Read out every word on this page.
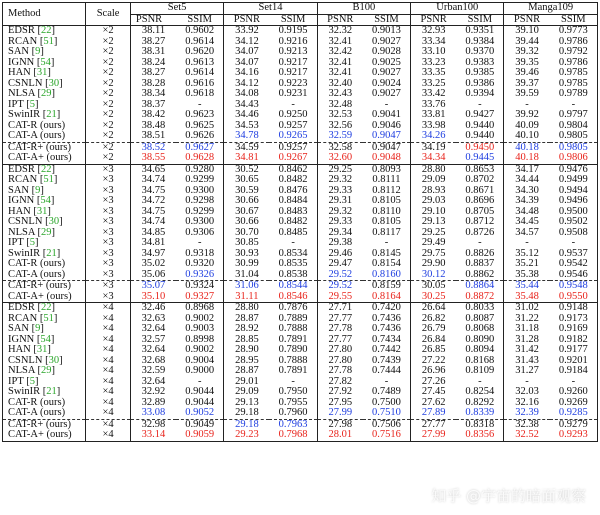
Method	Scale	Set5		Set14		B100		Urban100		Manga109	
		PSNR	SSIM	PSNR	SSIM	PSNR	SSIM	PSNR	SSIM	PSNR	SSIM
EDSR [22]	×2	38.11	0.9602	33.92	0.9195	32.32	0.9013	32.93	0.9351	39.10	0.9773
RCAN [51]	×2	38.27	0.9614	34.12	0.9216	32.41	0.9027	33.34	0.9384	39.44	0.9786
SAN [9]	×2	38.31	0.9620	34.07	0.9213	32.42	0.9028	33.10	0.9370	39.32	0.9792
IGNN [54]	×2	38.24	0.9613	34.07	0.9217	32.41	0.9025	33.23	0.9383	39.35	0.9786
HAN [31]	×2	38.27	0.9614	34.16	0.9217	32.41	0.9027	33.35	0.9385	39.46	0.9785
CSNLN [30]	×2	38.28	0.9616	34.12	0.9223	32.40	0.9024	33.25	0.9386	39.37	0.9785
NLSA [29]	×2	38.34	0.9618	34.08	0.9231	32.43	0.9027	33.42	0.9394	39.59	0.9789
IPT [5]	×2	38.37	-	34.43	-	32.48	-	33.76	-	-	-
SwinIR [21]	×2	38.42	0.9623	34.46	0.9250	32.53	0.9041	33.81	0.9427	39.92	0.9797
CAT-R (ours)	×2	38.48	0.9625	34.53	0.9257	32.56	0.9046	33.98	0.9440	40.09	0.9804
CAT-A (ours)	×2	38.51	0.9626	34.78	0.9265	32.59	0.9047	34.26	0.9440	40.10	0.9805
CAT-R+ (ours)	×2	38.52	0.9627	34.59	0.9257	32.58	0.9047	34.19	0.9450	40.18	0.9805
CAT-A+ (ours)	×2	38.55	0.9628	34.81	0.9267	32.60	0.9048	34.34	0.9445	40.18	0.9806
EDSR [22]	×3	34.65	0.9280	30.52	0.8462	29.25	0.8093	28.80	0.8653	34.17	0.9476
RCAN [51]	×3	34.74	0.9299	30.65	0.8482	29.32	0.8111	29.09	0.8702	34.44	0.9499
SAN [9]	×3	34.75	0.9300	30.59	0.8476	29.33	0.8112	28.93	0.8671	34.30	0.9494
IGNN [54]	×3	34.72	0.9298	30.66	0.8484	29.31	0.8105	29.03	0.8696	34.39	0.9496
HAN [31]	×3	34.75	0.9299	30.67	0.8483	29.32	0.8110	29.10	0.8705	34.48	0.9500
CSNLN [30]	×3	34.74	0.9300	30.66	0.8482	29.33	0.8105	29.13	0.8712	34.45	0.9502
NLSA [29]	×3	34.85	0.9306	30.70	0.8485	29.34	0.8117	29.25	0.8726	34.57	0.9508
IPT [5]	×3	34.81	-	30.85	-	29.38	-	29.49	-	-	-
SwinIR [21]	×3	34.97	0.9318	30.93	0.8534	29.46	0.8145	29.75	0.8826	35.12	0.9537
CAT-R (ours)	×3	35.02	0.9320	30.99	0.8535	29.47	0.8154	29.90	0.8837	35.21	0.9542
CAT-A (ours)	×3	35.06	0.9326	31.04	0.8538	29.52	0.8160	30.12	0.8862	35.38	0.9546
CAT-R+ (ours)	×3	35.07	0.9324	31.06	0.8544	29.52	0.8159	30.05	0.8864	35.44	0.9548
CAT-A+ (ours)	×3	35.10	0.9327	31.11	0.8546	29.55	0.8164	30.25	0.8872	35.48	0.9550
EDSR [22]	×4	32.46	0.8968	28.80	0.7876	27.71	0.7420	26.64	0.8033	31.02	0.9148
RCAN [51]	×4	32.63	0.9002	28.87	0.7889	27.77	0.7436	26.82	0.8087	31.22	0.9173
SAN [9]	×4	32.64	0.9003	28.92	0.7888	27.78	0.7436	26.79	0.8068	31.18	0.9169
IGNN [54]	×4	32.57	0.8998	28.85	0.7891	27.77	0.7434	26.84	0.8090	31.28	0.9182
HAN [31]	×4	32.64	0.9002	28.90	0.7890	27.80	0.7442	26.85	0.8094	31.42	0.9177
CSNLN [30]	×4	32.68	0.9004	28.95	0.7888	27.80	0.7439	27.22	0.8168	31.43	0.9201
NLSA [29]	×4	32.59	0.9000	28.87	0.7891	27.78	0.7444	26.96	0.8109	31.27	0.9184
IPT [5]	×4	32.64	-	29.01	-	27.82	-	27.26	-	-	-
SwinIR [21]	×4	32.92	0.9044	29.09	0.7950	27.92	0.7489	27.45	0.8254	32.03	0.9260
CAT-R (ours)	×4	32.89	0.9044	29.13	0.7955	27.95	0.7500	27.62	0.8292	32.16	0.9269
CAT-A (ours)	×4	33.08	0.9052	29.18	0.7960	27.99	0.7510	27.89	0.8339	32.39	0.9285
CAT-R+ (ours)	×4	32.98	0.9049	29.18	0.7963	27.98	0.7506	27.77	0.8318	32.38	0.9279
CAT-A+ (ours)	×4	33.14	0.9059	29.23	0.7968	28.01	0.7516	27.99	0.8356	32.52	0.9293
知乎 @宇宙的暗面观察
